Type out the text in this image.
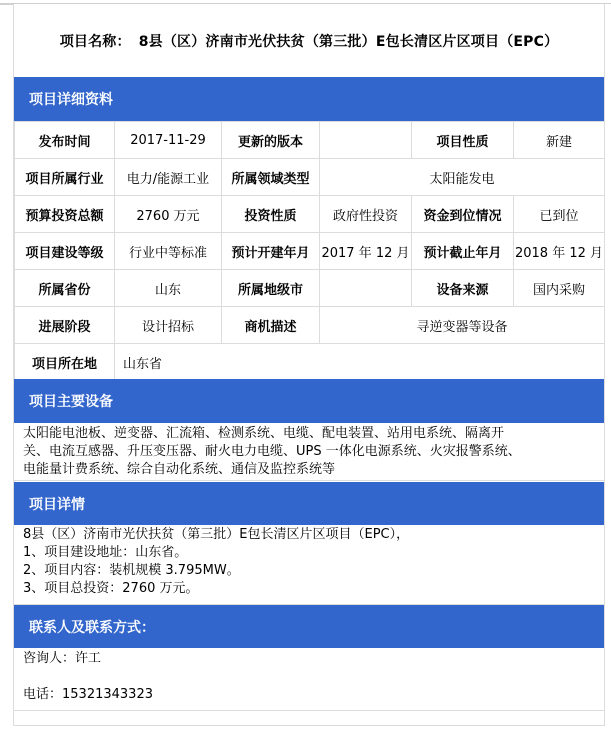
项目名称： 8县（区）济南市光伏扶贫（第三批）E包长清区片区项目（EPC）
项目详细资料
发布时间	2017-11-29	更新的版本		项目性质	新建
项目所属行业	电力/能源工业	所属领域类型	太阳能发电		
预算投资总额	2760 万元	投资性质	政府性投资	资金到位情况	已到位
项目建设等级	行业中等标准	预计开建年月	2017 年 12 月	预计截止年月	2018 年 12 月
所属省份	山东	所属地级市		设备来源	国内采购
进展阶段	设计招标	商机描述	寻逆变器等设备		
项目所在地	山东省				
项目主要设备
太阳能电池板、逆变器、汇流箱、检测系统、电缆、配电装置、站用电系统、隔离开
关、电流互感器、升压变压器、耐火电力电缆、UPS 一体化电源系统、火灾报警系统、
电能量计费系统、综合自动化系统、通信及监控系统等
项目详情
8县（区）济南市光伏扶贫（第三批）E包长清区片区项目（EPC），
1、项目建设地址：山东省。
2、项目内容：装机规模 3.795MW。
3、项目总投资：2760 万元。
联系人及联系方式：
咨询人：许工
电话：15321343323
